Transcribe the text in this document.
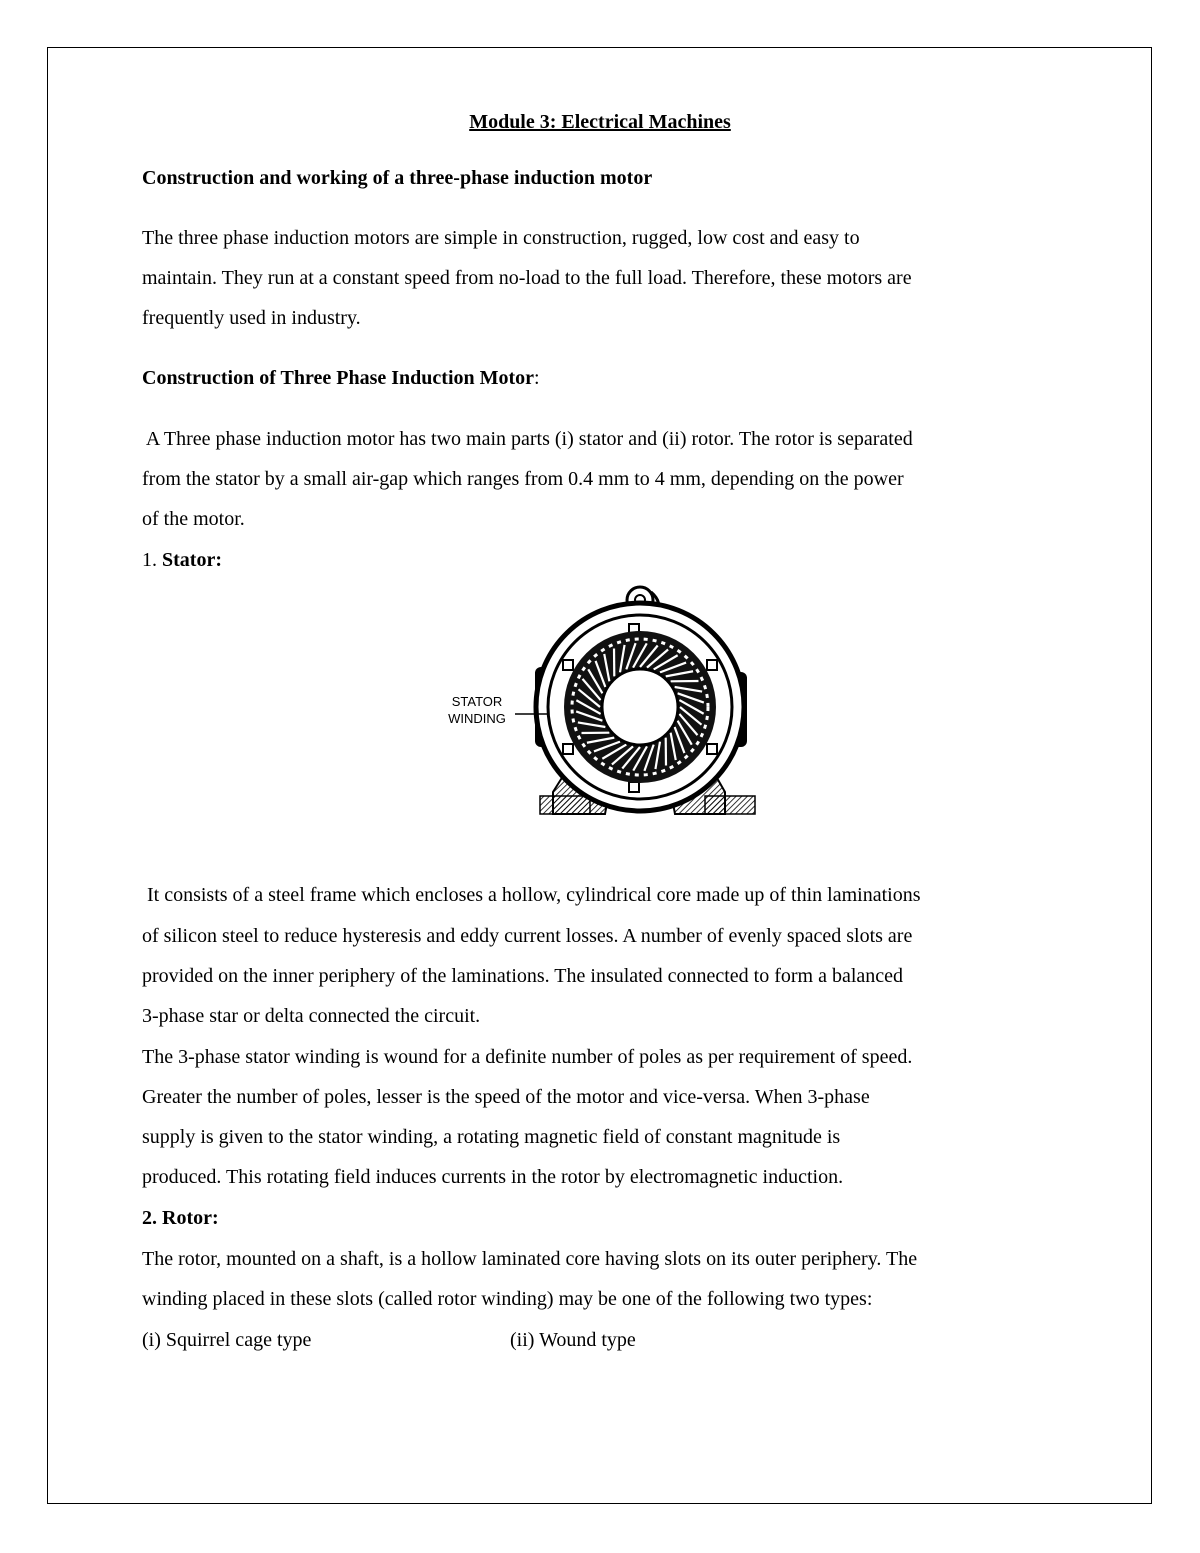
Module 3: Electrical Machines
Construction and working of a three-phase induction motor
The three phase induction motors are simple in construction, rugged, low cost and easy to
maintain. They run at a constant speed from no-load to the full load. Therefore, these motors are
frequently used in industry.
Construction of Three Phase Induction Motor:
A Three phase induction motor has two main parts (i) stator and (ii) rotor. The rotor is separated
from the stator by a small air-gap which ranges from 0.4 mm to 4 mm, depending on the power
of the motor.
1. Stator:
STATOR
WINDING
It consists of a steel frame which encloses a hollow, cylindrical core made up of thin laminations
of silicon steel to reduce hysteresis and eddy current losses. A number of evenly spaced slots are
provided on the inner periphery of the laminations. The insulated connected to form a balanced
3-phase star or delta connected the circuit.
The 3-phase stator winding is wound for a definite number of poles as per requirement of speed.
Greater the number of poles, lesser is the speed of the motor and vice-versa. When 3-phase
supply is given to the stator winding, a rotating magnetic field of constant magnitude is
produced. This rotating field induces currents in the rotor by electromagnetic induction.
2. Rotor:
The rotor, mounted on a shaft, is a hollow laminated core having slots on its outer periphery. The
winding placed in these slots (called rotor winding) may be one of the following two types:
(i) Squirrel cage type	(ii) Wound type
